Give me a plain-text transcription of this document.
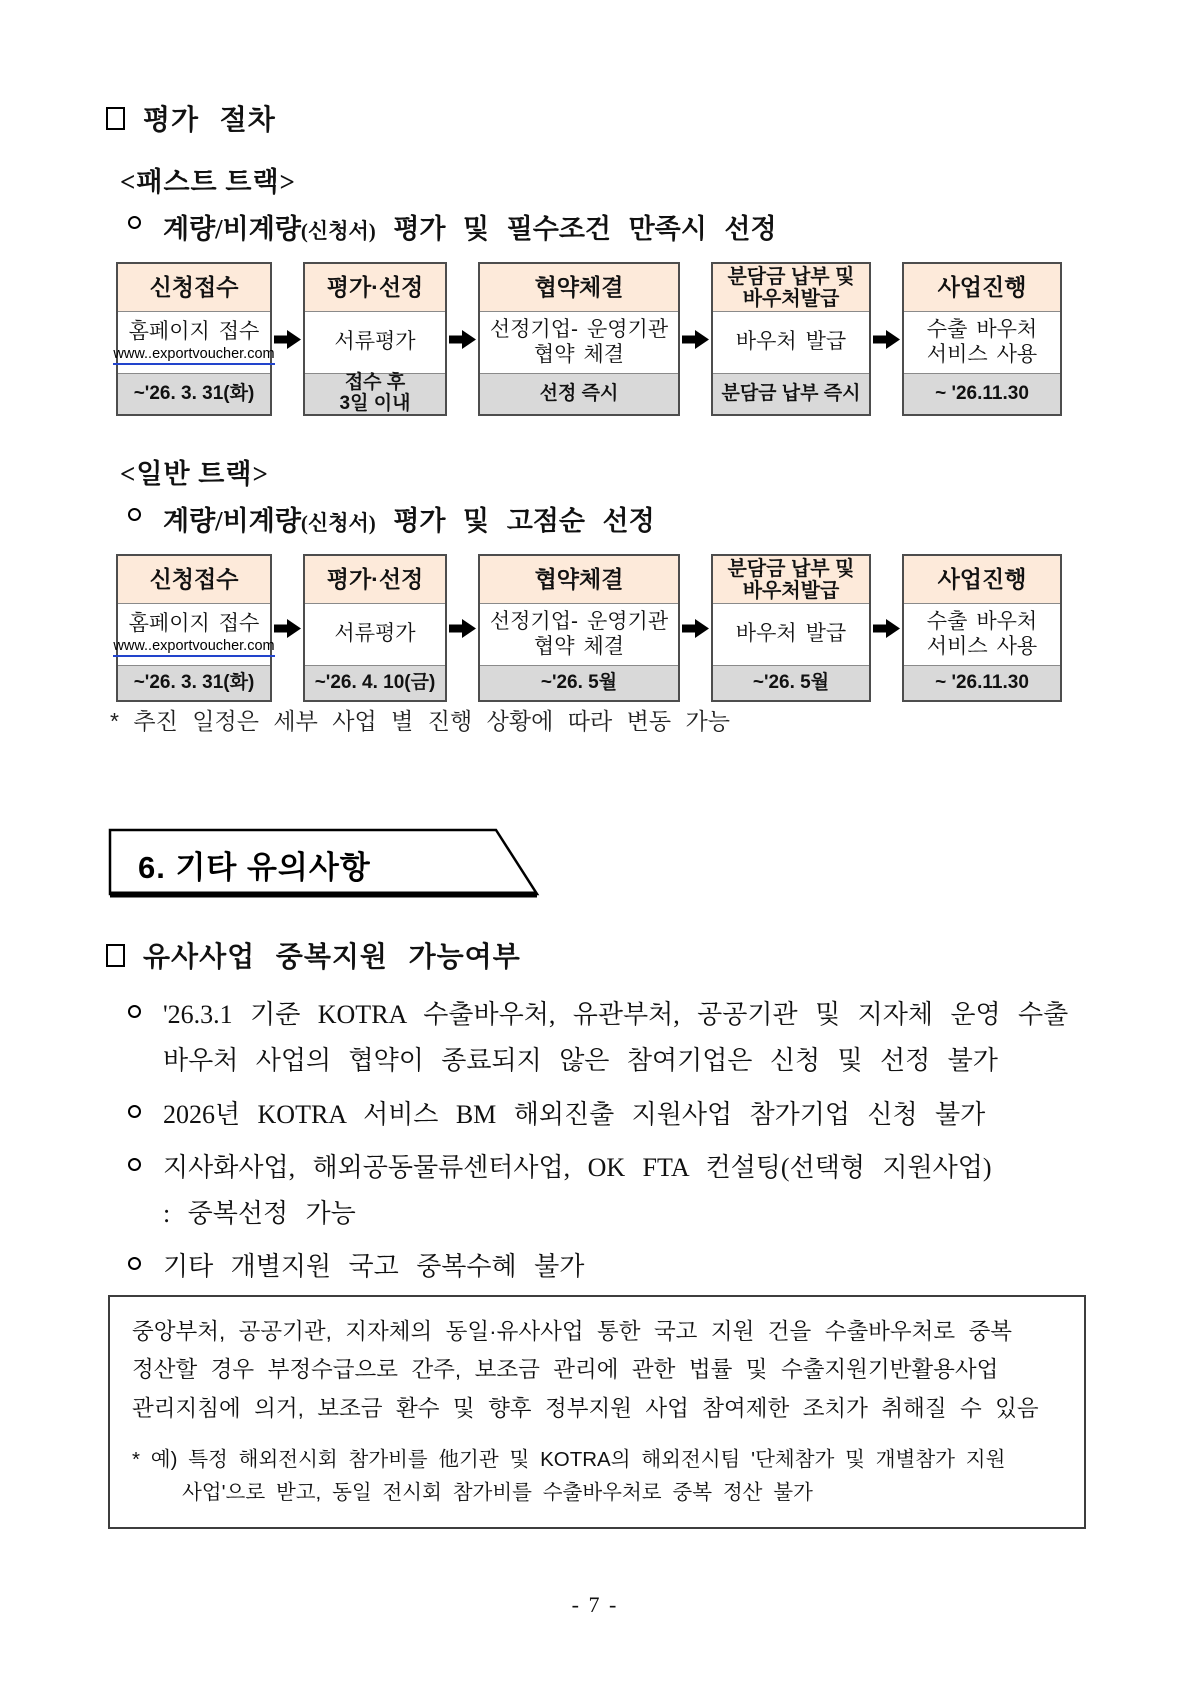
평가 절차
<패스트 트랙>
계량/비계량(신청서) 평가 및 필수조건 만족시 선정
신청접수
홈페이지 접수
www..exportvoucher.com
~'26. 3. 31(화)
평가·선정
서류평가
접수 후
3일 이내
협약체결
선정기업- 운영기관
협약 체결
선정 즉시
분담금 납부 및
바우처발급
바우처 발급
분담금 납부 즉시
사업진행
수출 바우처
서비스 사용
~ '26.11.30
<일반 트랙>
계량/비계량(신청서) 평가 및 고점순 선정
신청접수
홈페이지 접수
www..exportvoucher.com
~'26. 3. 31(화)
평가·선정
서류평가
~'26. 4. 10(금)
협약체결
선정기업- 운영기관
협약 체결
~'26. 5월
분담금 납부 및
바우처발급
바우처 발급
~'26. 5월
사업진행
수출 바우처
서비스 사용
~ '26.11.30
* 추진 일정은 세부 사업 별 진행 상황에 따라 변동 가능
6. 기타 유의사항
유사사업 중복지원 가능여부
'26.3.1 기준 KOTRA 수출바우처, 유관부처, 공공기관 및 지자체 운영 수출
바우처 사업의 협약이 종료되지 않은 참여기업은 신청 및 선정 불가
2026년 KOTRA 서비스 BM 해외진출 지원사업 참가기업 신청 불가
지사화사업, 해외공동물류센터사업, OK FTA 컨설팅(선택형 지원사업)
: 중복선정 가능
기타 개별지원 국고 중복수혜 불가
중앙부처, 공공기관, 지자체의 동일·유사사업 통한 국고 지원 건을 수출바우처로 중복
정산할 경우 부정수급으로 간주, 보조금 관리에 관한 법률 및 수출지원기반활용사업
관리지침에 의거, 보조금 환수 및 향후 정부지원 사업 참여제한 조치가 취해질 수 있음
* 예) 특정 해외전시회 참가비를 他기관 및 KOTRA의 해외전시팀 '단체참가 및 개별참가 지원
사업'으로 받고, 동일 전시회 참가비를 수출바우처로 중복 정산 불가
- 7 -
